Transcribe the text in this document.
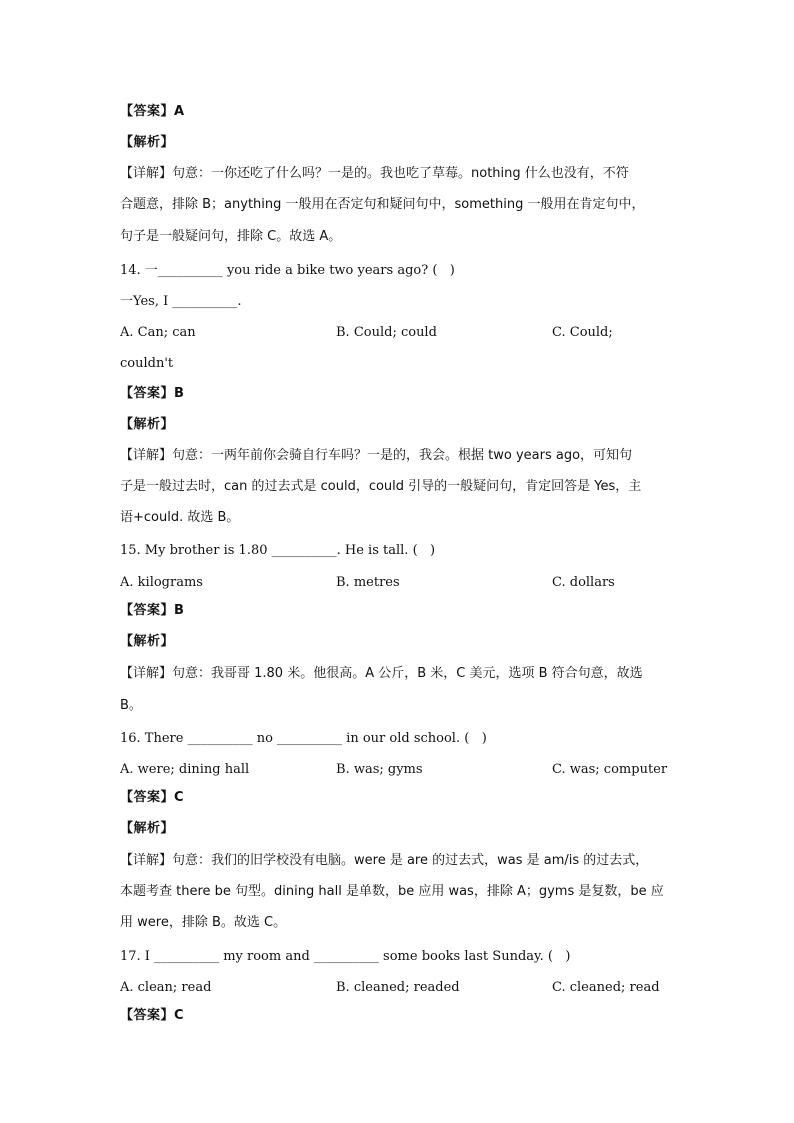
【答案】A
【解析】
【详解】句意：一你还吃了什么吗？一是的。我也吃了草莓。nothing 什么也没有，不符
合题意，排除 B；anything 一般用在否定句和疑问句中，something 一般用在肯定句中，
句子是一般疑问句，排除 C。故选 A。
14. 一__________ you ride a bike two years ago? (   )
一Yes, I __________.
A. Can; can	B. Could; could	C. Could;
couldn't
【答案】B
【解析】
【详解】句意：一两年前你会骑自行车吗？一是的，我会。根据 two years ago，可知句
子是一般过去时，can 的过去式是 could，could 引导的一般疑问句，肯定回答是 Yes，主
语+could. 故选 B。
15. My brother is 1.80 __________. He is tall. (   )
A. kilograms	B. metres	C. dollars
【答案】B
【解析】
【详解】句意：我哥哥 1.80 米。他很高。A 公斤，B 米，C 美元，选项 B 符合句意，故选
B。
16. There __________ no __________ in our old school. (   )
A. were; dining hall	B. was; gyms	C. was; computer
【答案】C
【解析】
【详解】句意：我们的旧学校没有电脑。were 是 are 的过去式，was 是 am/is 的过去式，
本题考查 there be 句型。dining hall 是单数，be 应用 was，排除 A；gyms 是复数，be 应
用 were，排除 B。故选 C。
17. I __________ my room and __________ some books last Sunday. (   )
A. clean; read	B. cleaned; readed	C. cleaned; read
【答案】C
